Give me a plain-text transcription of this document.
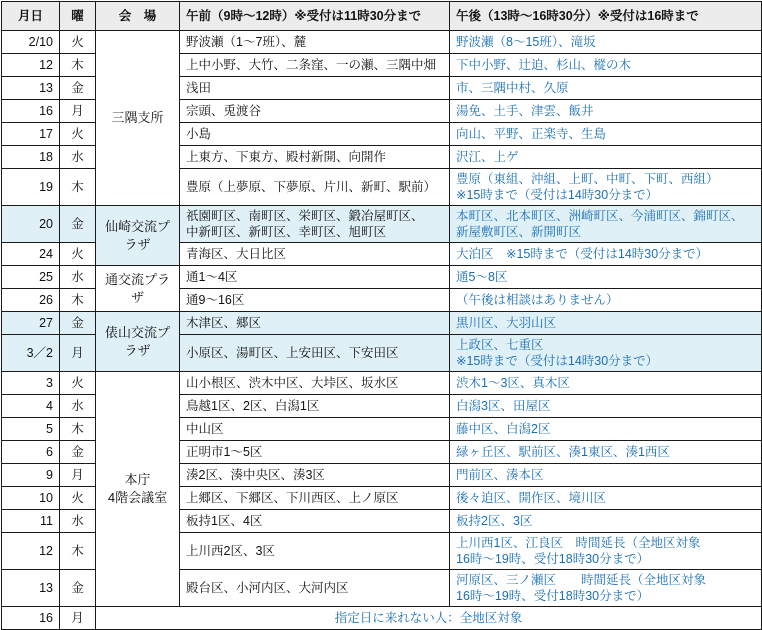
月日	曜	会　場	午前（9時～12時）※受付は11時30分まで	午後（13時～16時30分）※受付は16時まで
2/10	火	三隅支所	野波瀬（1～7班）、麓	野波瀬（8～15班）、滝坂
12	木		上中小野、大竹、二条窪、一の瀬、三隅中畑	下中小野、辻迫、杉山、樅の木
13	金		浅田	市、三隅中村、久原
16	月		宗頭、兎渡谷	湯免、土手、津雲、飯井
17	火		小島	向山、平野、正楽寺、生島
18	水		上東方、下東方、殿村新開、向開作	沢江、上ゲ
19	木		豊原（上夢原、下夢原、片川、新町、駅前）	豊原（東組、沖組、上町、中町、下町、西組）
※15時まで（受付は14時30分まで）
20	金	仙崎交流プラザ	祇園町区、南町区、栄町区、鍛冶屋町区、
中新町区、新町区、幸町区、旭町区	本町区、北本町区、洲崎町区、今浦町区、錦町区、
新屋敷町区、新開町区
24	火		青海区、大日比区	大泊区　※15時まで（受付は14時30分まで）
25	水	通交流プラザ	通1～4区	通5～8区
26	木		通9～16区	（午後は相談はありません）
27	金	俵山交流プラザ	木津区、郷区	黒川区、大羽山区
3／2	月		小原区、湯町区、上安田区、下安田区	上政区、七重区
※15時まで（受付は14時30分まで）
3	火	本庁
4階会議室	山小根区、渋木中区、大垰区、坂水区	渋木1～3区、真木区
4	水		鳥越1区、2区、白潟1区	白潟3区、田屋区
5	木		中山区	藤中区、白潟2区
6	金		正明市1～5区	緑ヶ丘区、駅前区、湊1東区、湊1西区
9	月		湊2区、湊中央区、湊3区	門前区、湊本区
10	火		上郷区、下郷区、下川西区、上ノ原区	後々迫区、開作区、境川区
11	水		板持1区、4区	板持2区、3区
12	木		上川西2区、3区	上川西1区、江良区　時間延長（全地区対象
16時～19時、受付18時30分まで）
13	金		殿台区、小河内区、大河内区	河原区、三ノ瀬区　　時間延長（全地区対象
16時～19時、受付18時30分まで）
16	月	指定日に来れない人：全地区対象		
